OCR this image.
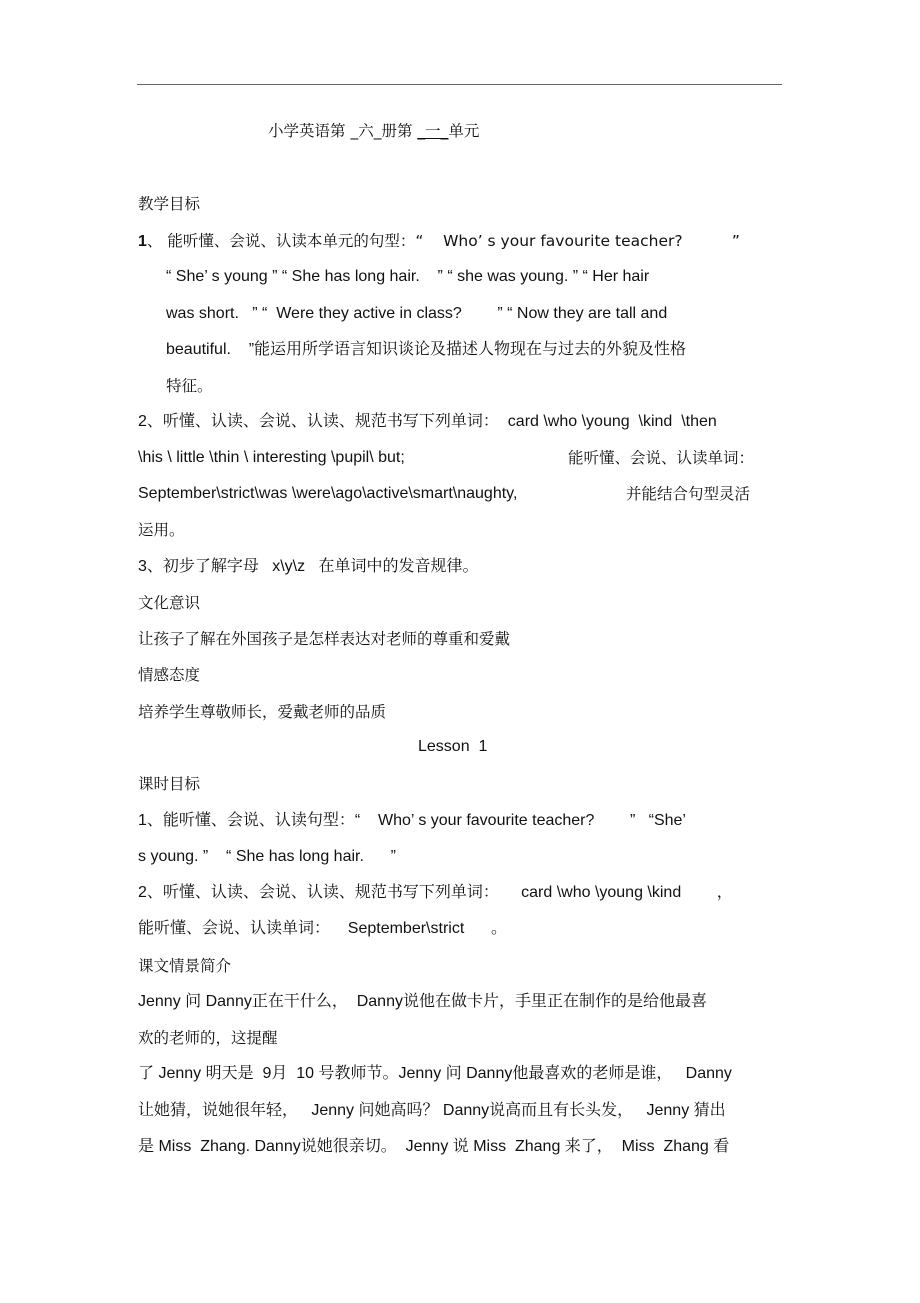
小学英语第 _六_册第 _一_单元
教学目标
1、 能听懂、会说、认读本单元的句型：“    Who’ s your favourite teacher?          ”
“ She’ s young ” “ She has long hair.    ” “ she was young. ” “ Her hair
was short.   ” “  Were they active in class?        ” “ Now they are tall and
beautiful.    ”能运用所学语言知识谈论及描述人物现在与过去的外貌及性格
特征。
2、听懂、认读、会说、认读、规范书写下列单词：  card \who \young  \kind  \then
\his \ little \thin \ interesting \pupil\ but;	能听懂、会说、认读单词：
September\strict\was \were\ago\active\smart\naughty,	并能结合句型灵活
运用。
3、初步了解字母   x\y\z   在单词中的发音规律。
文化意识
让孩子了解在外国孩子是怎样表达对老师的尊重和爱戴
情感态度
培养学生尊敬师长，爱戴老师的品质
Lesson  1
课时目标
1、能听懂、会说、认读句型：“    Who’ s your favourite teacher?        ”   “She’
s young. ”    “ She has long hair.      ”
2、听懂、认读、会说、认读、规范书写下列单词：     card \who \young \kind        ，
能听懂、会说、认读单词：    September\strict      。
课文情景简介
Jenny 问 Danny正在干什么，  Danny说他在做卡片，手里正在制作的是给他最喜
欢的老师的，这提醒
了 Jenny 明天是  9月  10 号教师节。Jenny 问 Danny他最喜欢的老师是谁，   Danny
让她猜，说她很年轻，   Jenny 问她高吗？ Danny说高而且有长头发，   Jenny 猜出
是 Miss  Zhang. Danny说她很亲切。  Jenny 说 Miss  Zhang 来了，  Miss  Zhang 看
